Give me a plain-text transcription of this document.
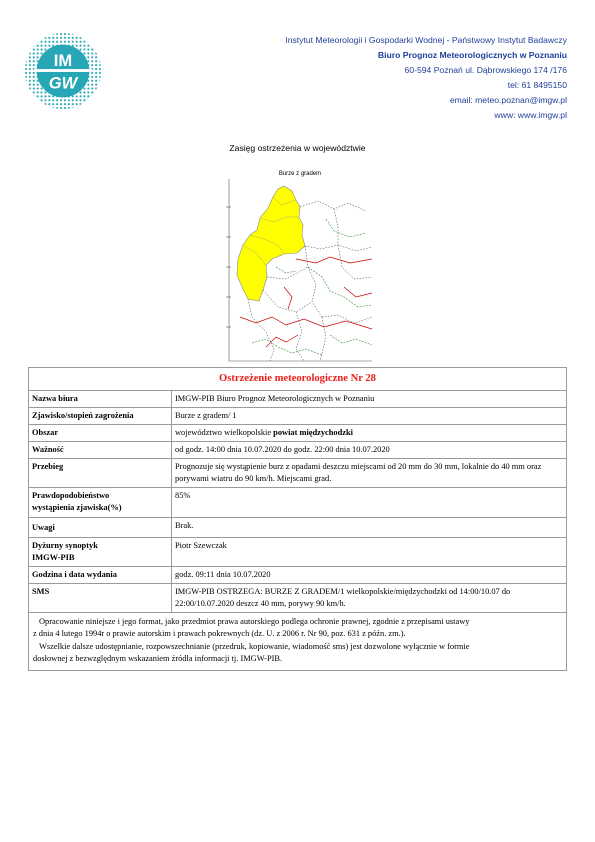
IM
GW
Instytut Meteorologii i Gospodarki Wodnej - Państwowy Instytut Badawczy
Biuro Prognoz Meteorologicznych w Poznaniu
60-594 Poznań ul. Dąbrowskiego 174 /176
tel: 61 8495150
email: meteo.poznan@imgw.pl
www: www.imgw.pl
Zasięg ostrzeżenia w województwie
Burze z gradem
Ostrzeżenie meteorologiczne Nr 28	
Nazwa biura	IMGW-PIB Biuro Prognoz Meteorologicznych w Poznaniu
Zjawisko/stopień zagrożenia	Burze z gradem/ 1
Obszar	województwo wielkopolskie powiat międzychodzki
Ważność	od godz. 14:00 dnia 10.07.2020 do godz. 22:00 dnia 10.07.2020
Przebieg	Prognozuje się wystąpienie burz z opadami deszczu miejscami od 20 mm do 30 mm, lokalnie do 40 mm oraz porywami wiatru do 90 km/h. Miejscami grad.

Prawdopodobieństwo
wystąpienia zjawiska(%)	85%
Uwagi	Brak.

Dyżurny synoptyk
IMGW-PIB	Piotr Szewczak
Godzina i data wydania	godz. 09:11 dnia 10.07.2020
SMS	IMGW-PIB OSTRZEGA: BURZE Z GRADEM/1 wielkopolskie/międzychodzki od 14:00/10.07 do 22:00/10.07.2020 deszcz 40 mm, porywy 90 km/h.

Opracowanie niniejsze i jego format, jako przedmiot prawa autorskiego podlega ochronie prawnej, zgodnie z przepisami ustawy
z dnia 4 lutego 1994r o prawie autorskim i prawach pokrewnych (dz. U. z 2006 r. Nr 90, poz. 631 z późn. zm.).
Wszelkie dalsze udostępnianie, rozpowszechnianie (przedruk, kopiowanie, wiadomość sms) jest dozwolone wyłącznie w formie
dosłownej z bezwzględnym wskazaniem źródła informacji tj. IMGW-PIB.	
